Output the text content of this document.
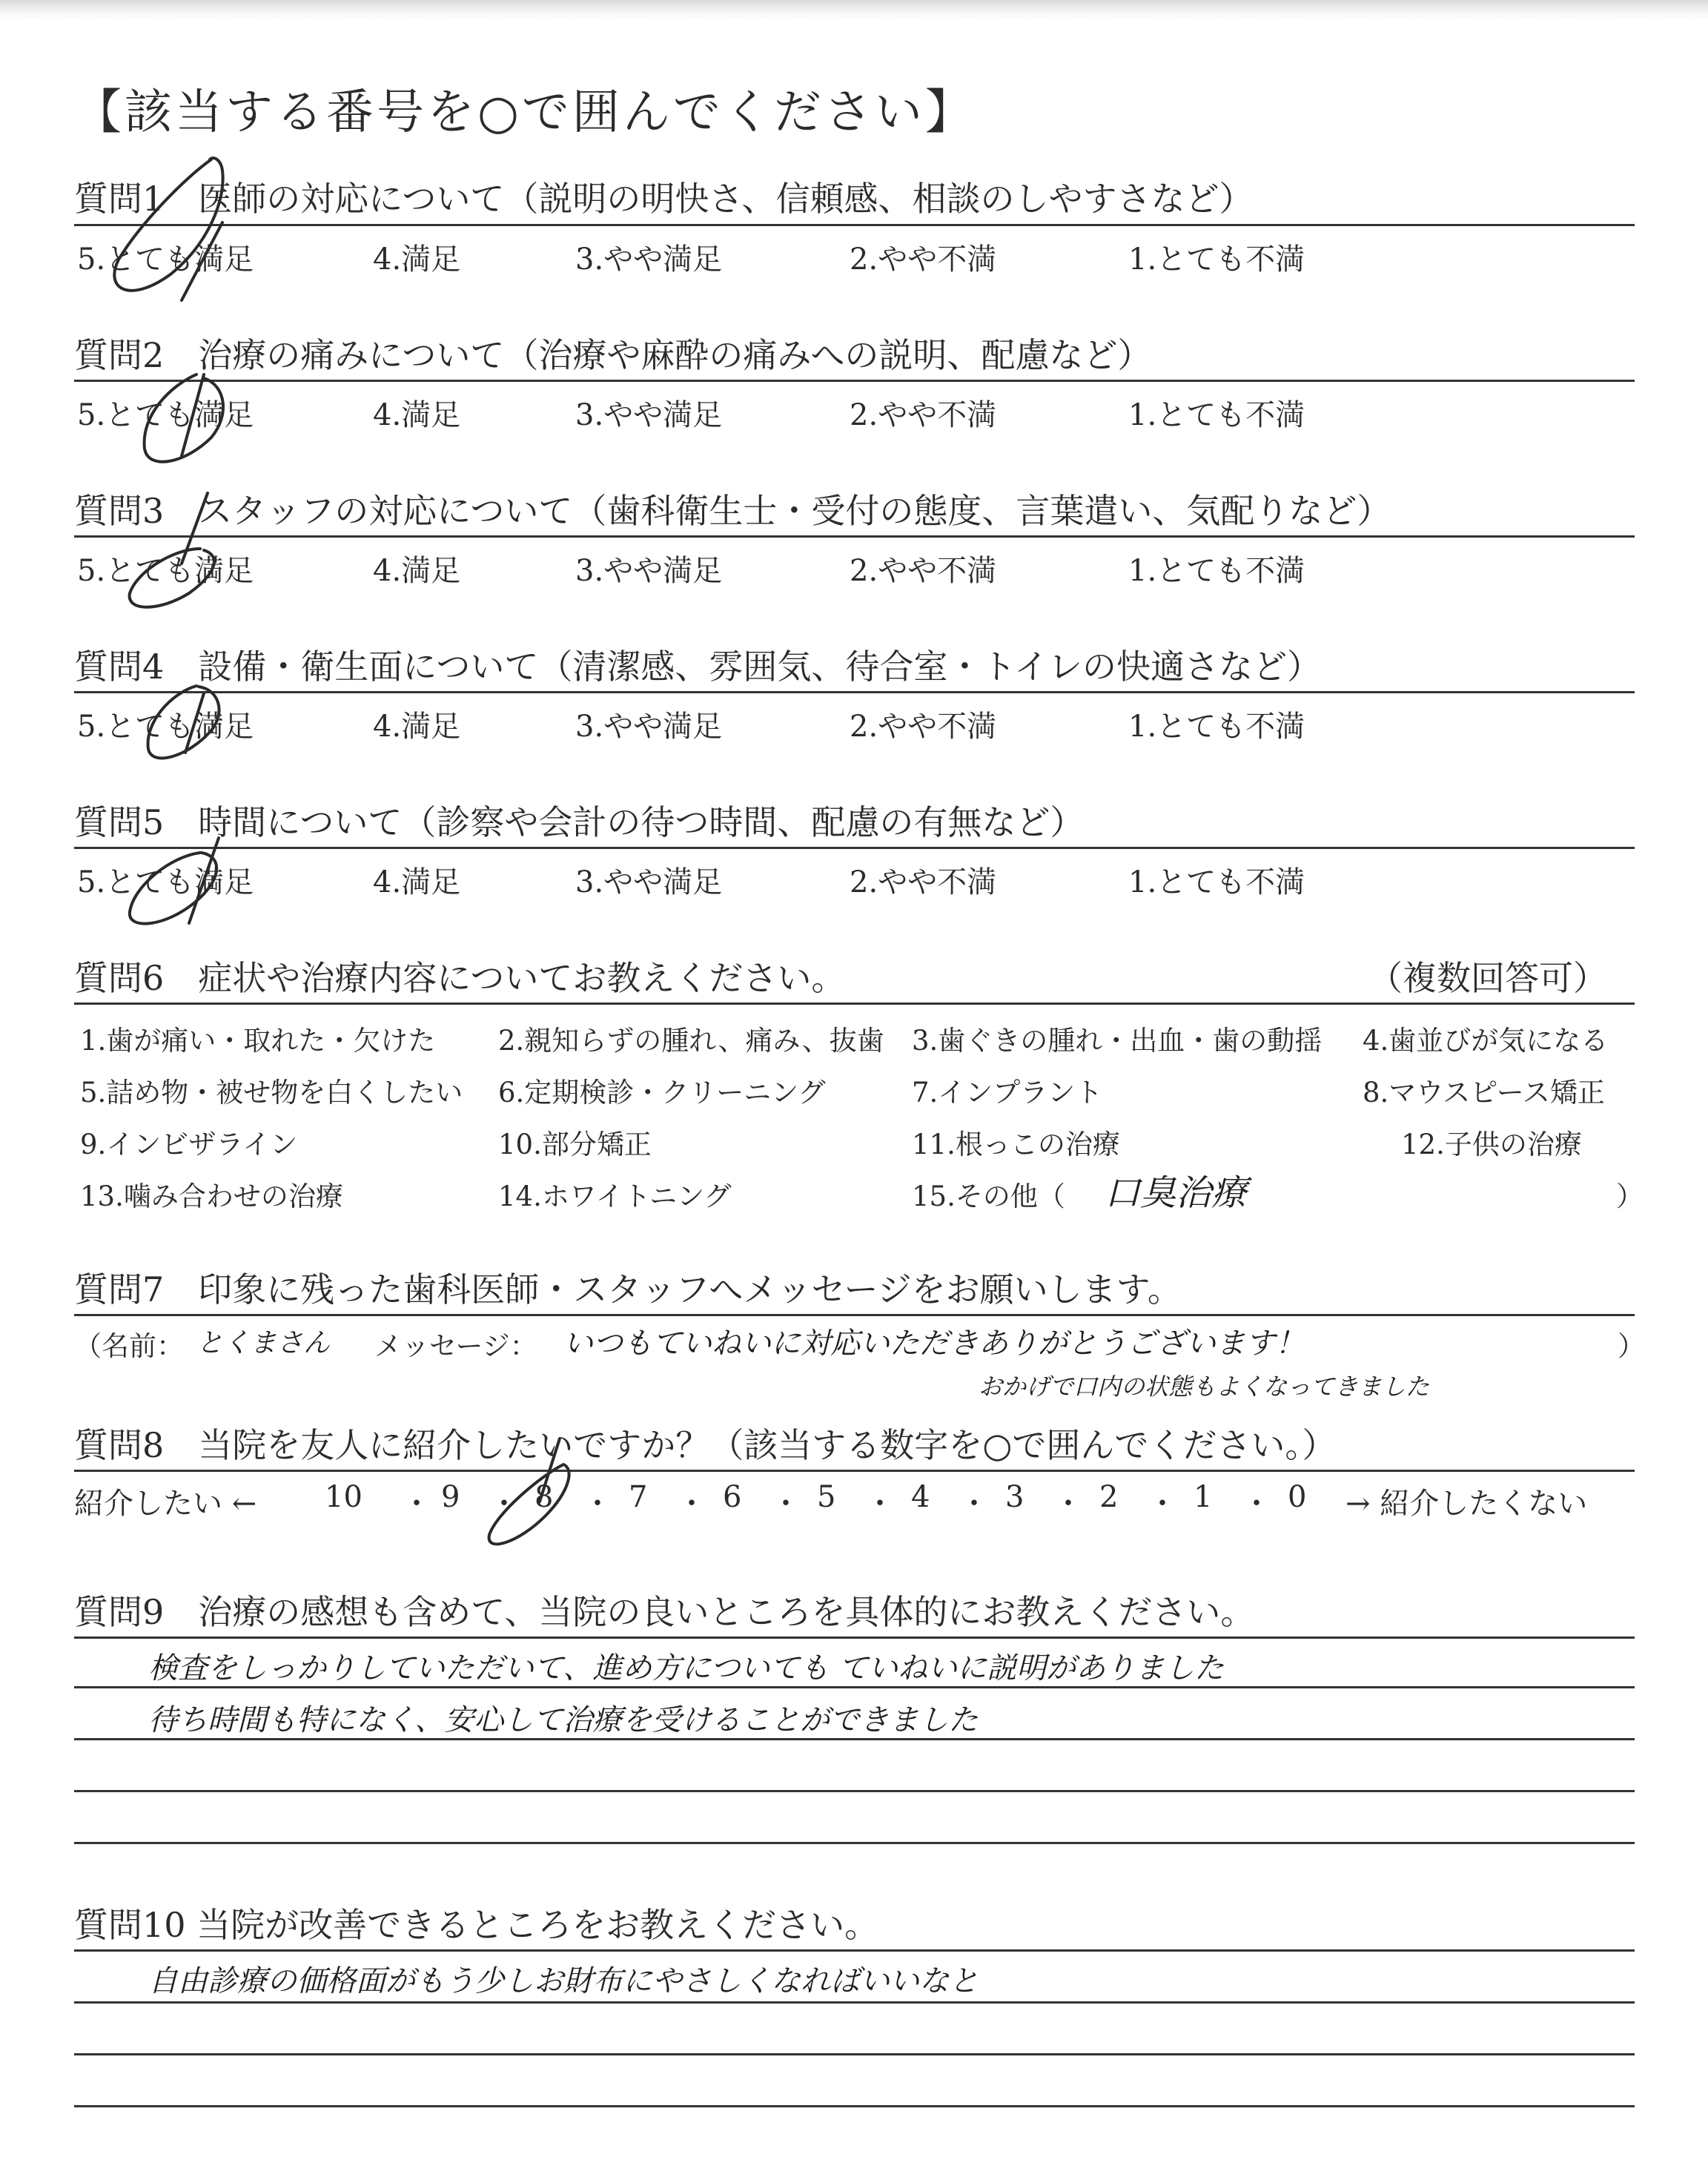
【該当する番号を○で囲んでください】
質問1　医師の対応について（説明の明快さ、信頼感、相談のしやすさなど）
5.とても満足	4.満足	3.やや満足	2.やや不満	1.とても不満
質問2　治療の痛みについて（治療や麻酔の痛みへの説明、配慮など）
5.とても満足	4.満足	3.やや満足	2.やや不満	1.とても不満
質問3　スタッフの対応について（歯科衛生士・受付の態度、言葉遣い、気配りなど）
5.とても満足	4.満足	3.やや満足	2.やや不満	1.とても不満
質問4　設備・衛生面について（清潔感、雰囲気、待合室・トイレの快適さなど）
5.とても満足	4.満足	3.やや満足	2.やや不満	1.とても不満
質問5　時間について（診察や会計の待つ時間、配慮の有無など）
5.とても満足	4.満足	3.やや満足	2.やや不満	1.とても不満
質問6　症状や治療内容についてお教えください。	（複数回答可）
1.歯が痛い・取れた・欠けた 2.親知らずの腫れ、痛み、抜歯 3.歯ぐきの腫れ・出血・歯の動揺 4.歯並びが気になる
5.詰め物・被せ物を白くしたい 6.定期検診・クリーニング	7.インプラント	8.マウスピース矯正
9.インビザライン	10.部分矯正	11.根っこの治療	12.子供の治療
13.噛み合わせの治療	14.ホワイトニング	15.その他（ 口臭治療	）
質問7　印象に残った歯科医師・スタッフへメッセージをお願いします。
（名前： とくまさん メッセージ： いつもていねいに対応いただきありがとうございます！
おかげで口内の状態もよくなってきました
）
質問8　当院を友人に紹介したいですか？（該当する数字を○で囲んでください。）
紹介したい ← 10 ・ 9 ・ 8 ・ 7 ・ 6 ・ 5 ・ 4 ・ 3 ・ 2 ・ 1 ・ 0 → 紹介したくない
質問9　治療の感想も含めて、当院の良いところを具体的にお教えください。
検査をしっかりしていただいて、進め方についても ていねいに説明がありました
待ち時間も特になく、安心して治療を受けることができました
質問10 当院が改善できるところをお教えください。
自由診療の価格面がもう少しお財布にやさしくなればいいなと
